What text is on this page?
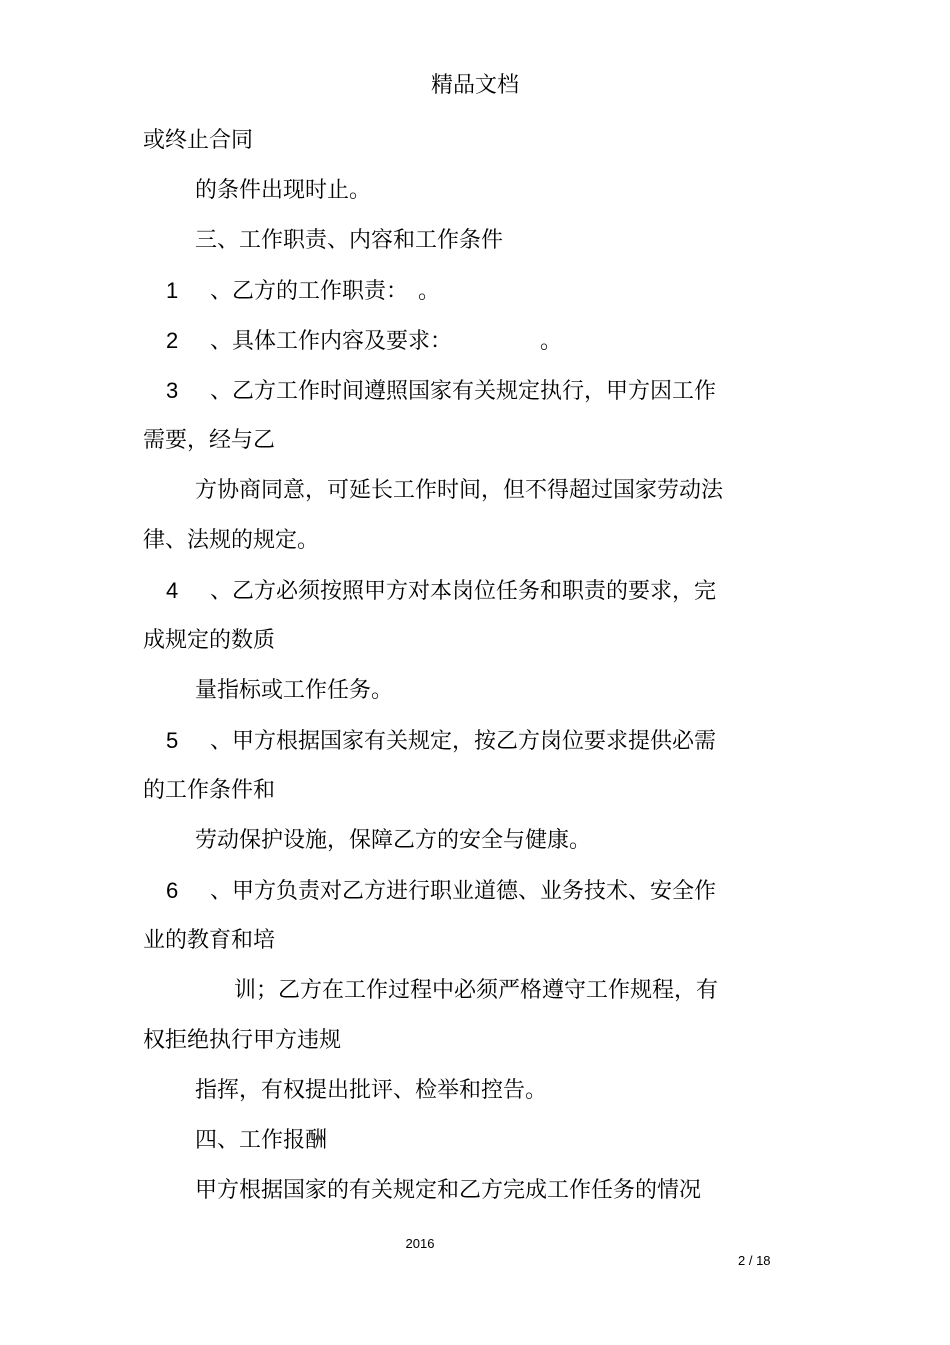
精品文档
或终止合同
的条件出现时止。
三、工作职责、内容和工作条件
1 、乙方的工作职责： 。
2 、具体工作内容及要求：	。
3 、乙方工作时间遵照国家有关规定执行，甲方因工作
需要，经与乙
方协商同意，可延长工作时间，但不得超过国家劳动法
律、法规的规定。
4 、乙方必须按照甲方对本岗位任务和职责的要求，完
成规定的数质
量指标或工作任务。
5 、甲方根据国家有关规定，按乙方岗位要求提供必需
的工作条件和
劳动保护设施，保障乙方的安全与健康。
6 、甲方负责对乙方进行职业道德、业务技术、安全作
业的教育和培
训；乙方在工作过程中必须严格遵守工作规程，有
权拒绝执行甲方违规
指挥，有权提出批评、检举和控告。
四、工作报酬
甲方根据国家的有关规定和乙方完成工作任务的情况
2016
2 / 18
